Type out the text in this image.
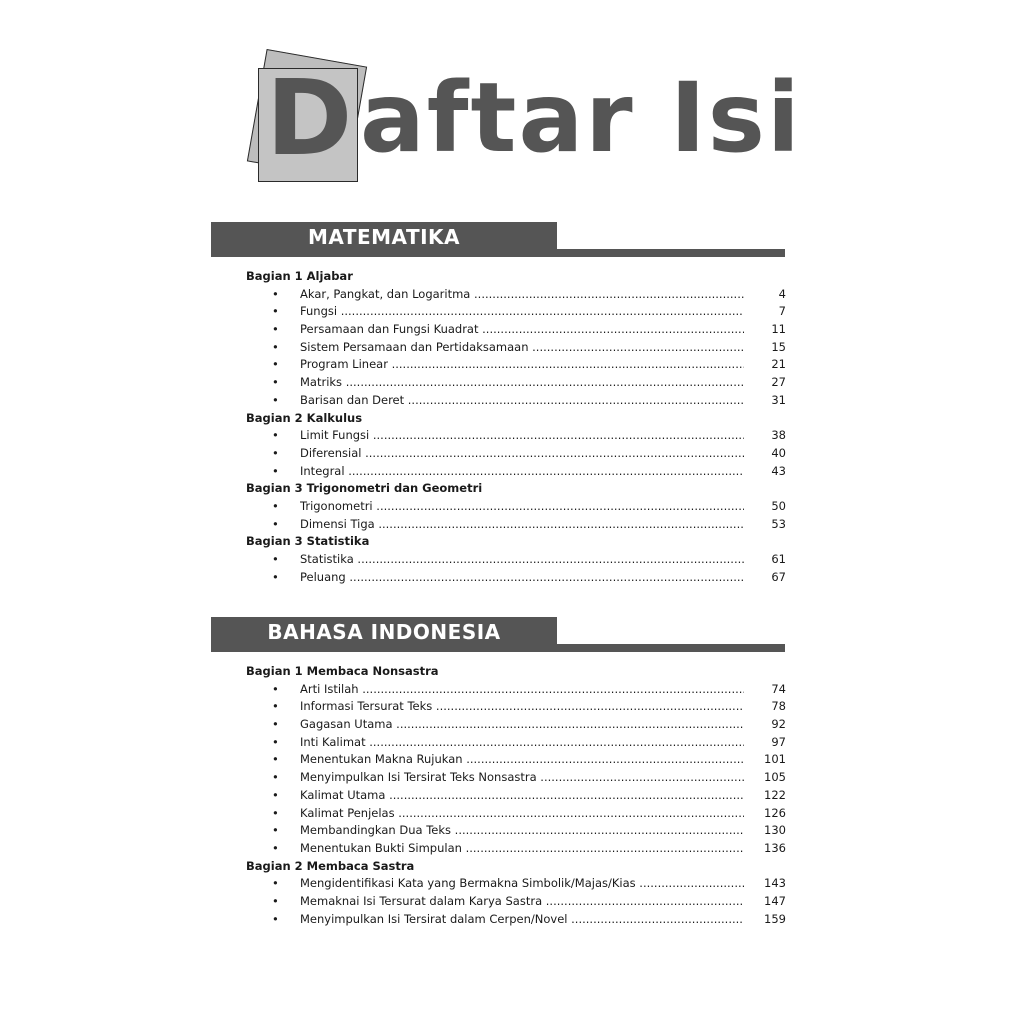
D aftar Isi
MATEMATIKA
Bagian 1 Aljabar
• Akar, Pangkat, dan Logaritma .....	4
• Fungsi .....	7
• Persamaan dan Fungsi Kuadrat .....	11
• Sistem Persamaan dan Pertidaksamaan .....	15
• Program Linear .....	21
• Matriks .....	27
• Barisan dan Deret .....	31
Bagian 2 Kalkulus
• Limit Fungsi .....	38
• Diferensial .....	40
• Integral .....	43
Bagian 3 Trigonometri dan Geometri
• Trigonometri .....	50
• Dimensi Tiga .....	53
Bagian 3 Statistika
• Statistika .....	61
• Peluang .....	67
BAHASA INDONESIA
Bagian 1 Membaca Nonsastra
• Arti Istilah .....	74
• Informasi Tersurat Teks .....	78
• Gagasan Utama .....	92
• Inti Kalimat .....	97
• Menentukan Makna Rujukan .....	101
• Menyimpulkan Isi Tersirat Teks Nonsastra .....	105
• Kalimat Utama .....	122
• Kalimat Penjelas .....	126
• Membandingkan Dua Teks .....	130
• Menentukan Bukti Simpulan .....	136
Bagian 2 Membaca Sastra
• Mengidentifikasi Kata yang Bermakna Simbolik/Majas/Kias .....	143
• Memaknai Isi Tersurat dalam Karya Sastra .....	147
• Menyimpulkan Isi Tersirat dalam Cerpen/Novel .....	159
